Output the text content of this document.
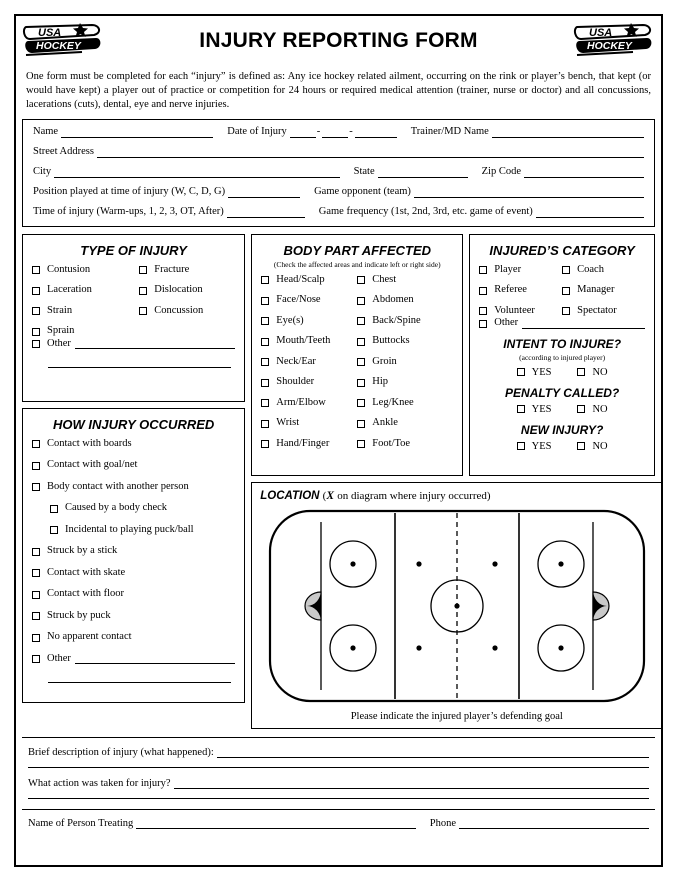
USA
HOCKEY	INJURY REPORTING FORM	USA
HOCKEY
One form must be completed for each “injury” is defined as: Any ice hockey related ailment, occurring on the rink or player’s bench, that kept (or would have kept) a player out of practice or competition for 24 hours or required medical attention (trainer, nurse or doctor) and all concussions, lacerations (cuts), dental, eye and nerve injuries.
Name	Date of Injury	-	-	Trainer/MD Name
Street Address
City	State	Zip Code
Position played at time of injury (W, C, D, G)	Game opponent (team)
Time of injury (Warm-ups, 1, 2, 3, OT, After)	Game frequency (1st, 2nd, 3rd, etc. game of event)
TYPE OF INJURY
Contusion
Laceration
Strain
Sprain
Fracture
Dislocation
Concussion
Other
HOW INJURY OCCURRED
Contact with boards
Contact with goal/net
Body contact with another person
Caused by a body check
Incidental to playing puck/ball
Struck by a stick
Contact with skate
Contact with floor
Struck by puck
No apparent contact
Other
BODY PART AFFECTED
(Check the affected areas and indicate left or right side)
Head/Scalp
Face/Nose
Eye(s)
Mouth/Teeth
Neck/Ear
Shoulder
Arm/Elbow
Wrist
Hand/Finger
Chest
Abdomen
Back/Spine
Buttocks
Groin
Hip
Leg/Knee
Ankle
Foot/Toe
LOCATION (X on diagram where injury occurred)
Please indicate the injured player’s defending goal
INJURED’S CATEGORY
Player
Referee
Volunteer
Coach
Manager
Spectator
Other
INTENT TO INJURE?
(according to injured player)
YES	NO
PENALTY CALLED?
YES	NO
NEW INJURY?
YES	NO
Brief description of injury (what happened):
What action was taken for injury?
Name of Person Treating	Phone
